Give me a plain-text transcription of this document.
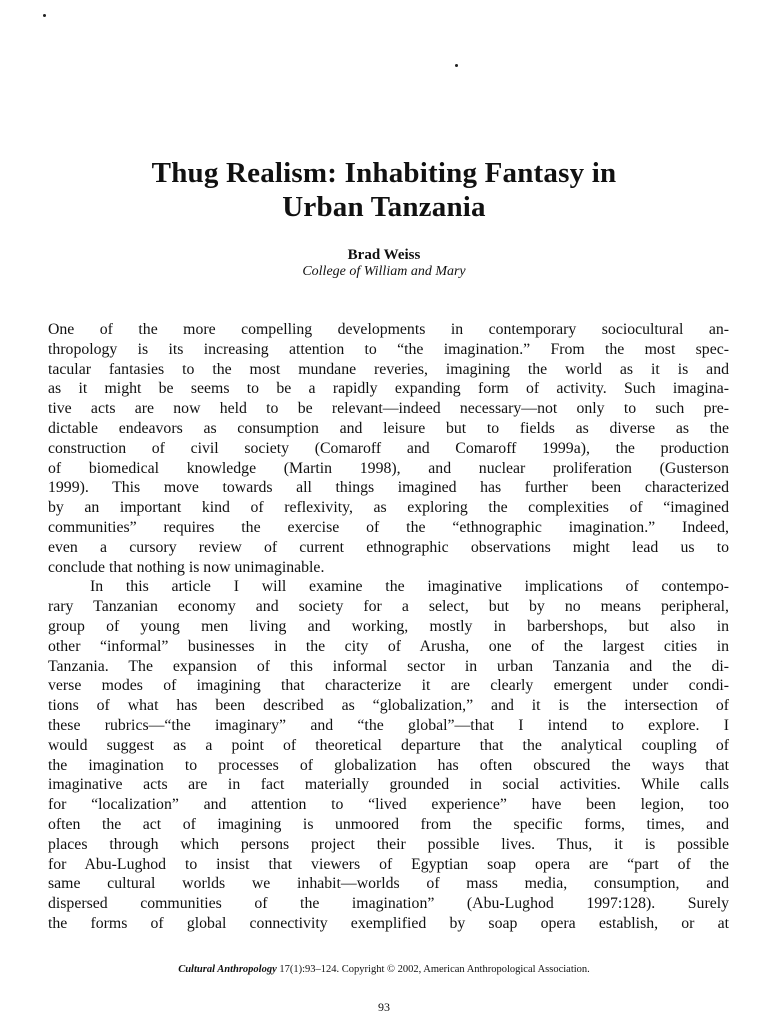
Thug Realism: Inhabiting Fantasy in
Urban Tanzania
Brad Weiss
College of William and Mary
One of the more compelling developments in contemporary sociocultural an-
thropology is its increasing attention to “the imagination.” From the most spec-
tacular fantasies to the most mundane reveries, imagining the world as it is and
as it might be seems to be a rapidly expanding form of activity. Such imagina-
tive acts are now held to be relevant—indeed necessary—not only to such pre-
dictable endeavors as consumption and leisure but to fields as diverse as the
construction of civil society (Comaroff and Comaroff 1999a), the production
of biomedical knowledge (Martin 1998), and nuclear proliferation (Gusterson
1999). This move towards all things imagined has further been characterized
by an important kind of reflexivity, as exploring the complexities of “imagined
communities” requires the exercise of the “ethnographic imagination.” Indeed,
even a cursory review of current ethnographic observations might lead us to
conclude that nothing is now unimaginable.
In this article I will examine the imaginative implications of contempo-
rary Tanzanian economy and society for a select, but by no means peripheral,
group of young men living and working, mostly in barbershops, but also in
other “informal” businesses in the city of Arusha, one of the largest cities in
Tanzania. The expansion of this informal sector in urban Tanzania and the di-
verse modes of imagining that characterize it are clearly emergent under condi-
tions of what has been described as “globalization,” and it is the intersection of
these rubrics—“the imaginary” and “the global”—that I intend to explore. I
would suggest as a point of theoretical departure that the analytical coupling of
the imagination to processes of globalization has often obscured the ways that
imaginative acts are in fact materially grounded in social activities. While calls
for “localization” and attention to “lived experience” have been legion, too
often the act of imagining is unmoored from the specific forms, times, and
places through which persons project their possible lives. Thus, it is possible
for Abu-Lughod to insist that viewers of Egyptian soap opera are “part of the
same cultural worlds we inhabit—worlds of mass media, consumption, and
dispersed communities of the imagination” (Abu-Lughod 1997:128). Surely
the forms of global connectivity exemplified by soap opera establish, or at
Cultural Anthropology 17(1):93–124. Copyright © 2002, American Anthropological Association.
93
